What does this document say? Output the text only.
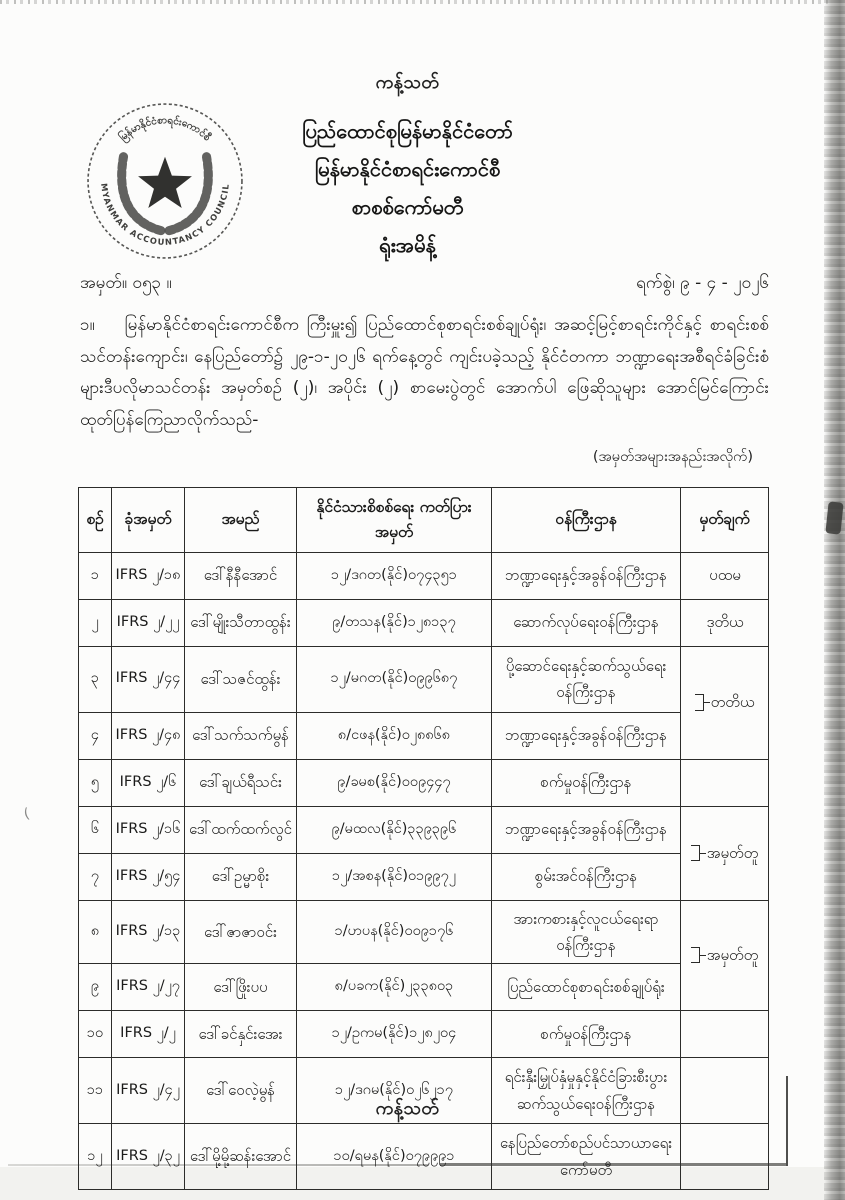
(
ကန့်သတ်
မြန်မာနိုင်ငံစာရင်းကောင်စီ
MYANMAR ACCOUNTANCY COUNCIL
ပြည်ထောင်စုမြန်မာနိုင်ငံတော်
မြန်မာနိုင်ငံစာရင်းကောင်စီ
စာစစ်ကော်မတီ
ရုံးအမိန့်
အမှတ်။ ၀၅၃ ။	ရက်စွဲ၊ ၉ - ၄ - ၂၀၂၆
၁။ မြန်မာနိုင်ငံစာရင်းကောင်စီက ကြီးမှူး၍ ပြည်ထောင်စုစာရင်းစစ်ချုပ်ရုံး၊ အဆင့်မြင့်စာရင်းကိုင်နှင့် စာရင်းစစ်သင်တန်းကျောင်း၊ နေပြည်တော်၌ ၂၉-၁-၂၀၂၆ ရက်နေ့တွင် ကျင်းပခဲ့သည့် နိုင်ငံတကာ ဘဏ္ဍာရေးအစီရင်ခံခြင်းစံများဒီပလိုမာသင်တန်း အမှတ်စဉ် (၂)၊ အပိုင်း (၂) စာမေးပွဲတွင် အောက်ပါ ဖြေဆိုသူများ အောင်မြင်ကြောင်း ထုတ်ပြန်ကြေညာလိုက်သည်-
(အမှတ်အများအနည်းအလိုက်)
စဉ်	ခုံအမှတ်	အမည်	နိုင်ငံသားစိစစ်ရေး ကတ်ပြားအမှတ်	ဝန်ကြီးဌာန	မှတ်ချက်
၁	IFRS ၂/၁၈	ဒေါ်နီနီအောင်	၁၂/ဒဂတ(နိုင်)၀၇၄၃၅၁	ဘဏ္ဍာရေးနှင့်အခွန်ဝန်ကြီးဌာန	ပထမ

၂	IFRS ၂/၂၂	ဒေါ်မျိုးသီတာထွန်း	၉/တသန(နိုင်)၁၂၈၁၃၇	ဆောက်လုပ်ရေးဝန်ကြီးဌာန	ဒုတိယ

၃	IFRS ၂/၄၄	ဒေါ်သဇင်ထွန်း	၁၂/မဂတ(နိုင်)၀၉၉၆၈၇	ပို့ဆောင်ရေးနှင့်ဆက်သွယ်ရေး ဝန်ကြီးဌာန	တတိယ

၄	IFRS ၂/၄၈	ဒေါ်သက်သက်မွန်	၈/ငဖန(နိုင်)၀၂၈၈၆၈	ဘဏ္ဍာရေးနှင့်အခွန်ဝန်ကြီးဌာန	
၅	IFRS ၂/၆	ဒေါ်ချယ်ရီသင်း	၉/ခမစ(နိုင်)၀၀၉၄၄၇	စက်မှုဝန်ကြီးဌာန	

၆	IFRS ၂/၁၆	ဒေါ်ထက်ထက်လွင်	၉/မထလ(နိုင်)၃၃၉၃၉၆	ဘဏ္ဍာရေးနှင့်အခွန်ဝန်ကြီးဌာန	အမှတ်တူ

၇	IFRS ၂/၅၄	ဒေါ်ဥမ္မာစိုး	၁၂/အစန(နိုင်)၀၁၉၉၇၂	စွမ်းအင်ဝန်ကြီးဌာန	
၈	IFRS ၂/၁၃	ဒေါ်ဇာဇာဝင်း	၁/ဟပန(နိုင်)၀၀၉၁၇၆	အားကစားနှင့်လူငယ်ရေးရာဝန်ကြီးဌာန	အမှတ်တူ

၉	IFRS ၂/၂၇	ဒေါ်ဖြိုးပပ	၈/ပခက(နိုင်)၂၃၃၈၀၃	ပြည်ထောင်စုစာရင်းစစ်ချုပ်ရုံး	
၁၀	IFRS ၂/၂	ဒေါ်ခင်နှင်းအေး	၁၂/ဥကမ(နိုင်)၁၂၈၂၀၄	စက်မှုဝန်ကြီးဌာန	

၁၁	IFRS ၂/၄၂	ဒေါ်ဝေလဲ့မွန်	၁၂/ဒဂမ(နိုင်)၀၂၆၂၁၇	ရင်းနှီးမြှုပ်နှံမှုနှင့်နိုင်ငံခြားစီးပွား ဆက်သွယ်ရေးဝန်ကြီးဌာန	

၁၂	IFRS ၂/၃၂	ဒေါ်မို့မို့ဆန်းအောင်	၁၀/ရမန(နိုင်)၀၇၉၉၉၁	နေပြည်တော်စည်ပင်သာယာရေး ကော်မတီ	
ကန့်သတ်
